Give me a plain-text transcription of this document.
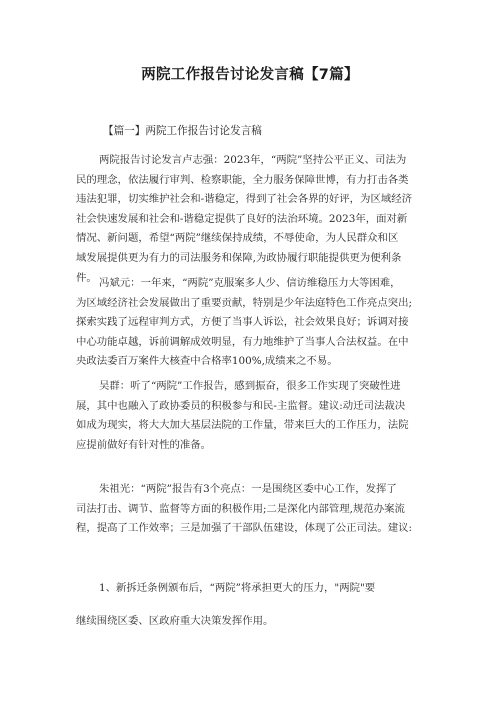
两院工作报告讨论发言稿【7篇】
【篇一】两院工作报告讨论发言稿
两院报告讨论发言卢志强：2023年，“两院”坚持公平正义、司法为
民的理念，依法履行审判、检察职能，全力服务保障世博，有力打击各类
违法犯罪，切实维护社会和-谐稳定，得到了社会各界的好评，为区域经济
社会快速发展和社会和-谐稳定提供了良好的法治环境。2023年，面对新
情况、新问题，希望“两院”继续保持成绩，不辱使命，为人民群众和区
域发展提供更为有力的司法服务和保障,为政协履行职能提供更为便利条
件。 冯斌元：一年来，“两院”克服案多人少、信访维稳压力大等困难，
为区域经济社会发展做出了重要贡献，特别是少年法庭特色工作亮点突出;
探索实践了远程审判方式，方便了当事人诉讼，社会效果良好；诉调对接
中心功能卓越，诉前调解成效明显，有力地维护了当事人合法权益。在中
央政法委百万案件大核查中合格率100%,成绩来之不易。
吴群：听了“两院”工作报告，感到振奋，很多工作实现了突破性进
展，其中也融入了政协委员的积极参与和民-主监督。建议:动迁司法裁决
如成为现实，将大大加大基层法院的工作量，带来巨大的工作压力，法院
应提前做好有针对性的准备。
朱祖光：“两院”报告有3个亮点：一是围绕区委中心工作，发挥了
司法打击、调节、监督等方面的积极作用;二是深化内部管理,规范办案流
程，提高了工作效率；三是加强了干部队伍建设，体现了公正司法。建议:
1、新拆迁条例颁布后，“两院”将承担更大的压力，"两院"要
继续围绕区委、区政府重大决策发挥作用。
